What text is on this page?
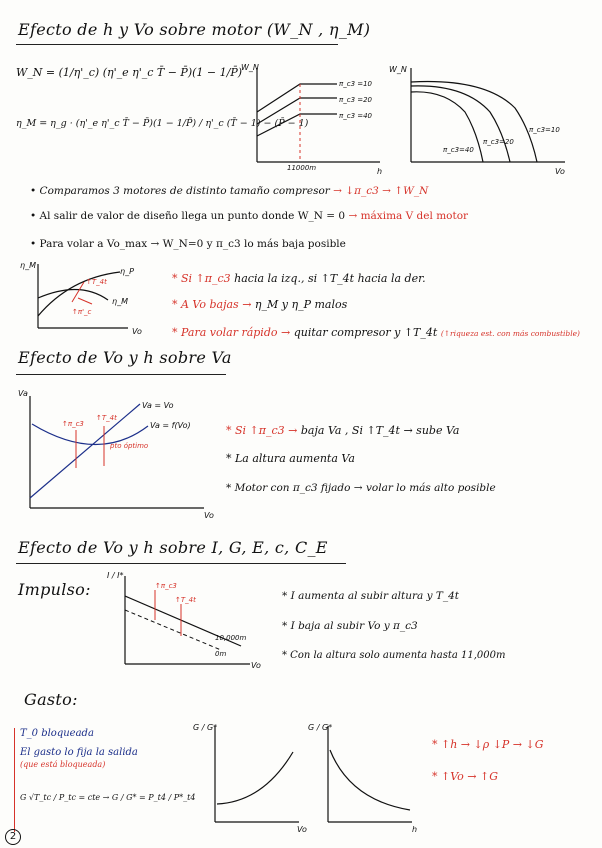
Efecto de h y Vo sobre motor (W_N , η_M)
W_N = (1/η'_c) (η'_e η'_c T̄ − P̄)(1 − 1/P̄)
η_M = η_g · (η'_e η'_c T̄ − P̄)(1 − 1/P̄) / η'_c (T̄ − 1) − (P̄ − 1)
W_N
h
11000m
π_c3 =10
π_c3 =20
π_c3 =40
W_N
Vo
π_c3=40
π_c3=20
π_c3=10
• Comparamos 3 motores de distinto tamaño compresor → ↓π_c3 → ↑W_N
• Al salir de valor de diseño llega un punto donde W_N = 0 → máxima V del motor
• Para volar a Vo_max → W_N=0 y π_c3 lo más baja posible
η_M
Vo
η_P
η_M
↑T_4t
↑π'_c
* Si ↑π_c3 hacia la izq., si ↑T_4t hacia la der.
* A Vo bajas → η_M y η_P malos
* Para volar rápido → quitar compresor y ↑T_4t (↑riqueza est. con más combustible)
Efecto de Vo y h sobre Va
Va
Vo
Va = Vo
Va = f(Vo)
↑π_c3
↑T_4t
pto óptimo
* Si ↑π_c3 → baja Va , Si ↑T_4t → sube Va
* La altura aumenta Va
* Motor con π_c3 fijado → volar lo más alto posible
Efecto de Vo y h sobre I, G, E, c, C_E
Impulso:
I / I*
Vo
10,000m
0m
↑π_c3
↑T_4t	* I aumenta al subir altura y T_4t
* I baja al subir Vo y π_c3
* Con la altura solo aumenta hasta 11,000m
Gasto:
T_0 bloqueada
El gasto lo fija la salida
(que está bloqueada)
G √T_tc / P_tc = cte → G / G* = P_t4 / P*_t4
G / G*
Vo
G / G*
h
* ↑h → ↓ρ ↓P → ↓G
* ↑Vo → ↑G
2
